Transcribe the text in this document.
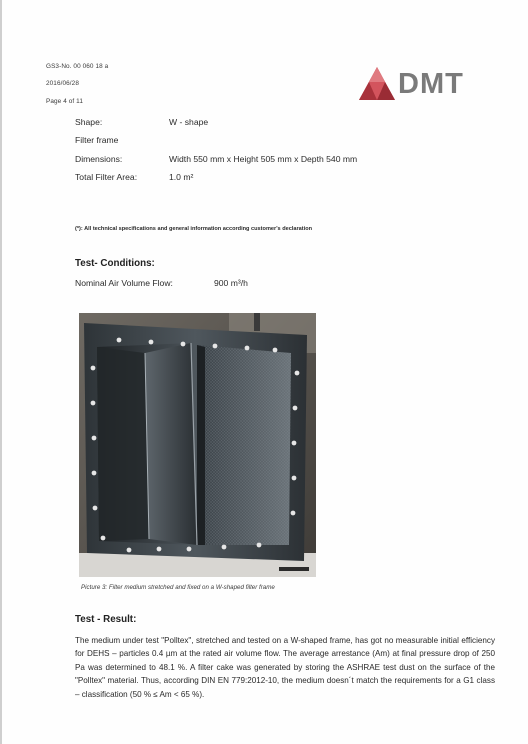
GS3-No. 00 060 18 a
2016/06/28
Page 4 of 11
DMT
Shape:	W - shape
Filter frame
Dimensions:	Width 550 mm x Height 505 mm x Depth 540 mm
Total Filter Area:	1.0 m²
(*): All technical specifications and general information according customer's declaration
Test- Conditions:
Nominal Air Volume Flow:	900 m³/h
Picture 3: Filter medium stretched and fixed on a W-shaped filter frame
Test - Result:
The medium under test "Polltex", stretched and tested on a W-shaped frame, has got no measurable initial efficiency for DEHS – particles 0.4 µm at the rated air volume flow. The average arrestance (Am) at final pressure drop of 250 Pa was determined to 48.1 %. A filter cake was generated by storing the ASHRAE test dust on the surface of the "Polltex" material. Thus, according DIN EN 779:2012-10, the medium doesn´t match the requirements for a G1 class – classification (50 % ≤ Am < 65 %).
